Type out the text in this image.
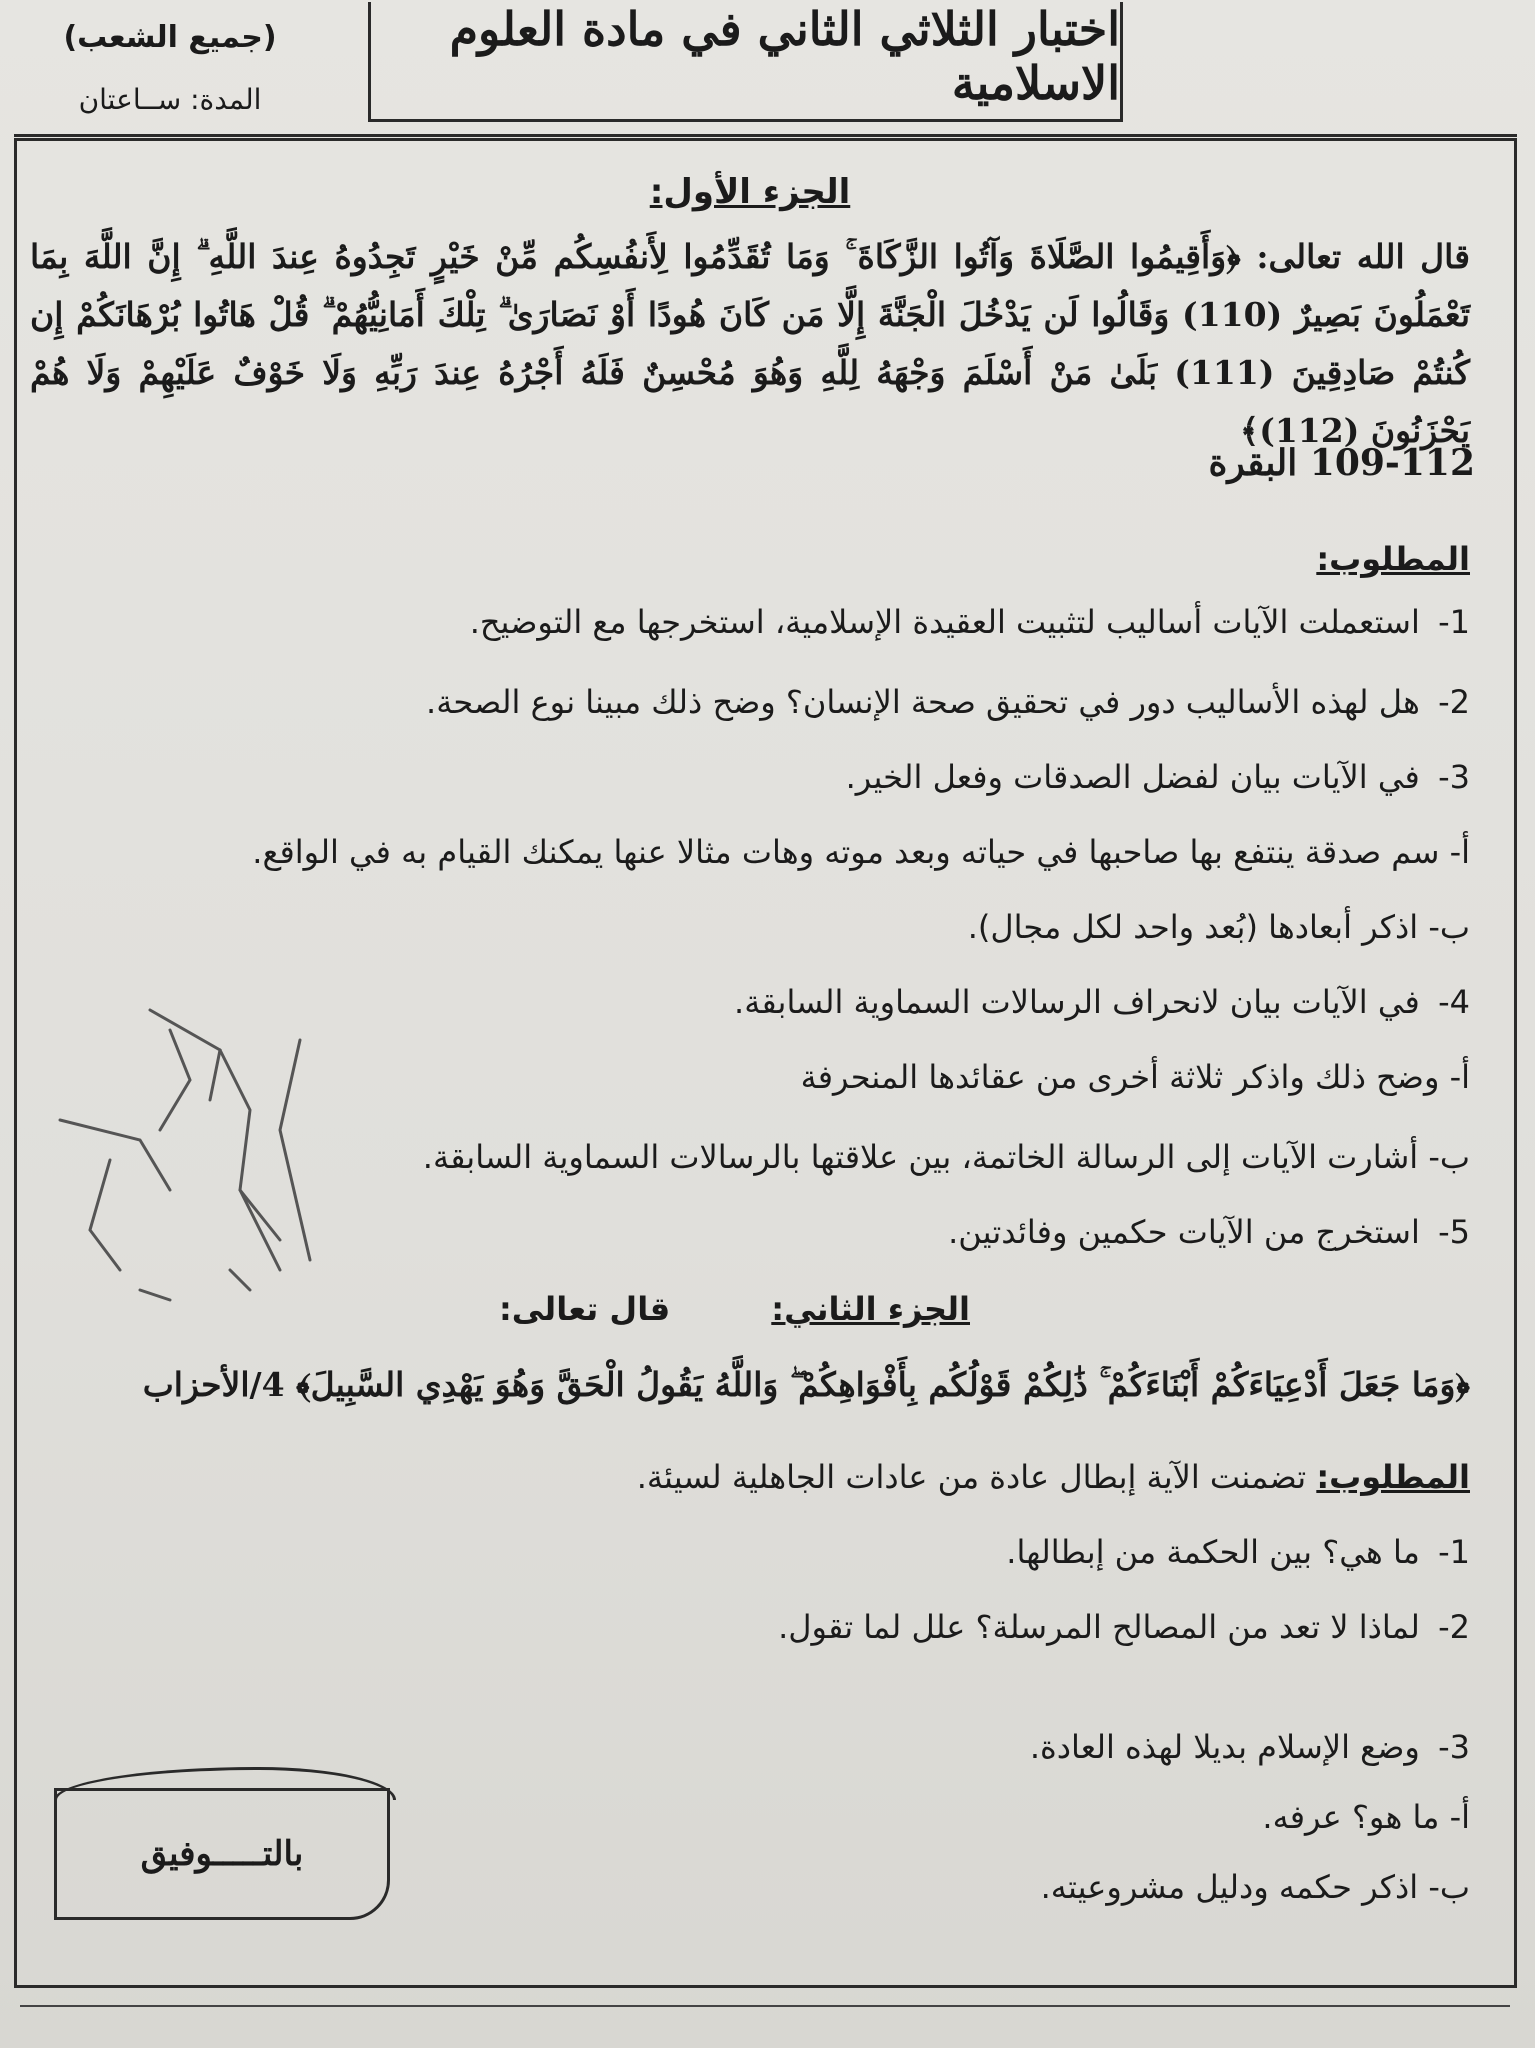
اختبار الثلاثي الثاني في مادة العلوم الاسلامية
(جميع الشعب)
المدة: ســاعتان
الجزء الأول:
قال الله تعالى: ﴿وَأَقِيمُوا الصَّلَاةَ وَآتُوا الزَّكَاةَ ۚ وَمَا تُقَدِّمُوا لِأَنفُسِكُم مِّنْ خَيْرٍ تَجِدُوهُ عِندَ اللَّهِ ۗ إِنَّ اللَّهَ بِمَا تَعْمَلُونَ بَصِيرٌ (110) وَقَالُوا لَن يَدْخُلَ الْجَنَّةَ إِلَّا مَن كَانَ هُودًا أَوْ نَصَارَىٰ ۗ تِلْكَ أَمَانِيُّهُمْ ۗ قُلْ هَاتُوا بُرْهَانَكُمْ إِن كُنتُمْ صَادِقِينَ (111) بَلَىٰ مَنْ أَسْلَمَ وَجْهَهُ لِلَّهِ وَهُوَ مُحْسِنٌ فَلَهُ أَجْرُهُ عِندَ رَبِّهِ وَلَا خَوْفٌ عَلَيْهِمْ وَلَا هُمْ يَحْزَنُونَ (112)﴾
109-112 البقرة
المطلوب:
1- استعملت الآيات أساليب لتثبيت العقيدة الإسلامية، استخرجها مع التوضيح.
2- هل لهذه الأساليب دور في تحقيق صحة الإنسان؟ وضح ذلك مبينا نوع الصحة.
3- في الآيات بيان لفضل الصدقات وفعل الخير.
أ- سم صدقة ينتفع بها صاحبها في حياته وبعد موته وهات مثالا عنها يمكنك القيام به في الواقع.
ب- اذكر أبعادها (بُعد واحد لكل مجال).
4- في الآيات بيان لانحراف الرسالات السماوية السابقة.
أ- وضح ذلك واذكر ثلاثة أخرى من عقائدها المنحرفة
ب- أشارت الآيات إلى الرسالة الخاتمة، بين علاقتها بالرسالات السماوية السابقة.
5- استخرج من الآيات حكمين وفائدتين.
الجزء الثاني: قال تعالى:
﴿وَمَا جَعَلَ أَدْعِيَاءَكُمْ أَبْنَاءَكُمْ ۚ ذَٰلِكُمْ قَوْلُكُم بِأَفْوَاهِكُمْ ۖ وَاللَّهُ يَقُولُ الْحَقَّ وَهُوَ يَهْدِي السَّبِيلَ﴾ 4/الأحزاب
المطلوب: تضمنت الآية إبطال عادة من عادات الجاهلية لسيئة.
1- ما هي؟ بين الحكمة من إبطالها.
2- لماذا لا تعد من المصالح المرسلة؟ علل لما تقول.
3- وضع الإسلام بديلا لهذه العادة.
أ- ما هو؟ عرفه.
ب- اذكر حكمه ودليل مشروعيته.
بالتـــــوفيق
